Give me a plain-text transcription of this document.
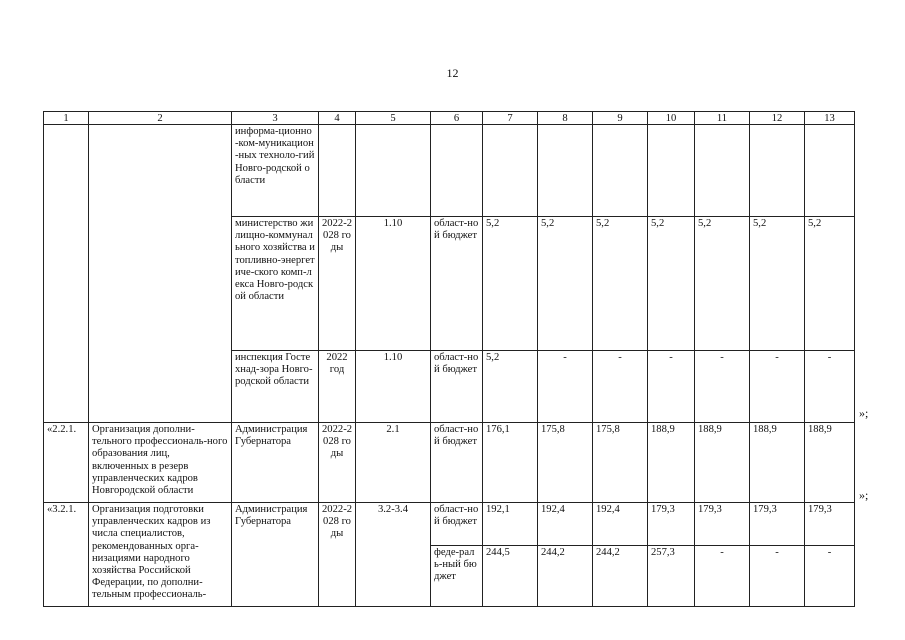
12
1	2	3	4	5	6	7	8	9	10	11	12	13
		информа-ционно-ком-муникацион-ных техноло-гий Новго-родской области										
		министерство жилищно-коммунального хозяйства и топливно-энергетиче-ского комп-лекса Новго-родской области	2022-2028 годы	1.10	област-ной бюджет	5,2	5,2	5,2	5,2	5,2	5,2	5,2
		инспекция Гостехнад-зора Новго-родской области	2022 год	1.10	област-ной бюджет	5,2	-	-	-	-	-	-
«2.2.1.	Организация дополни-тельного профессиональ-ного образования лиц, включенных в резерв управленческих кадров Новгородской области	Администрация Губернатора	2022-2028 годы	2.1	област-ной бюджет	176,1	175,8	175,8	188,9	188,9	188,9	188,9
«3.2.1.	Организация подготовки управленческих кадров из числа специалистов, рекомендованных орга-низациями народного хозяйства Российской Федерации, по дополни-тельным профессиональ-	Администрация Губернатора	2022-2028 годы	3.2-3.4	област-ной бюджет	192,1	192,4	192,4	179,3	179,3	179,3	179,3
					феде-раль-ный бюджет	244,5	244,2	244,2	257,3	-	-	-
»;
»;
